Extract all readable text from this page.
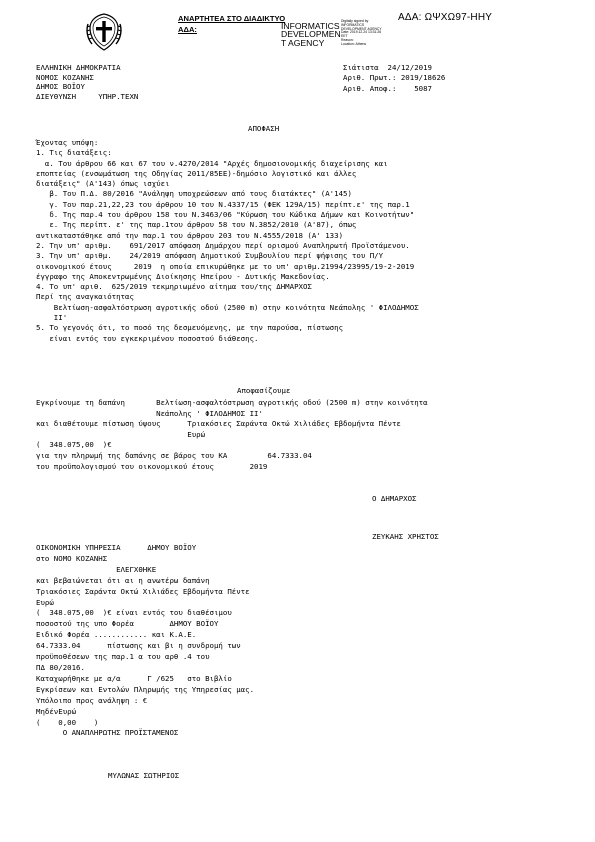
ΑΝΑΡΤΗΤΕΑ ΣΤΟ ΔΙΑΔΙΚΤΥΟ
ΑΔΑ:	INFORMATICS
DEVELOPMEN
T AGENCY
Digitally signed by
INFORMATICS
DEVELOPMENT AGENCY
Date: 2019.12.24 13:31:26
EET
Reason:
Location: Athens
ΑΔΑ: ΩΨΧΩ97-ΗΗΥ
ΕΛΛΗΝΙΚΗ ΔΗΜΟΚΡΑΤΙΑ
ΝΟΜΟΣ ΚΟΖΑΝΗΣ
ΔΗΜΟΣ ΒΟΪΟΥ
ΔΙΕΥΘΥΝΣΗ     ΥΠΗΡ.ΤΕΧΝ
Σιάτιστα  24/12/2019
Αριθ. Πρωτ.: 2019/18626
Αριθ. Αποφ.:    5087
ΑΠΟΦΑΣΗ
Έχοντας υπόψη:
1. Τις διατάξεις:
α. Του άρθρου 66 και 67 του ν.4270/2014 "Αρχές δημοσιονομικής διαχείρισης και
εποπτείας (ενσωμάτωση της Οδηγίας 2011/85ΕΕ)-δημόσιο λογιστικό και άλλες
διατάξεις" (Α'143) όπως ισχύει
β. Του Π.Δ. 80/2016 "Ανάληψη υποχρεώσεων από τους διατάκτες" (Α'145)
γ. Του παρ.21,22,23 του άρθρου 10 του Ν.4337/15 (ΦΕΚ 129Α/15) περίπτ.ε' της παρ.1
δ. Της παρ.4 του άρθρου 158 του Ν.3463/06 "Κύρωση του Κώδικα Δήμων και Κοινοτήτων"
ε. Της περίπτ. ε' της παρ.1του άρθρου 58 του Ν.3852/2010 (Α'87), όπως
αντικαταστάθηκε από την παρ.1 του άρθρου 203 του Ν.4555/2018 (Α' 133)
2. Την υπ' αριθμ.    691/2017 απόφαση Δημάρχου περί ορισμού Αναπληρωτή Προϊστάμενου.
3. Την υπ' αριθμ.    24/2019 απόφαση Δημοτικού Συμβουλίου περί ψήφισης του Π/Υ
οικονομικού έτους     2019  η οποία επικυρώθηκε με το υπ' αριθμ.21994/23995/19-2-2019
έγγραφο της Αποκεντρωμένης Διοίκησης Ηπείρου - Δυτικής Μακεδονίας.
4. Το υπ' αριθ.  625/2019 τεκμηριωμένο αίτημα του/της ΔΗΜΑΡΧΟΣ
Περί της αναγκαιότητας
Βελτίωση-ασφαλτόστρωση αγροτικής οδού (2500 m) στην κοινότητα Νεάπολης ' ΦΙΛΟΔΗΜΟΣ
ΙΙ'
5. Το γεγονός ότι, το ποσό της δεσμευόμενης, με την παρούσα, πίστωσης
είναι εντός του εγκεκριμένου ποσοστού διάθεσης.
Αποφασίζουμε
Εγκρίνουμε τη δαπάνη       Βελτίωση-ασφαλτόστρωση αγροτικής οδού (2500 m) στην κοινότητα
Νεάπολης ' ΦΙΛΟΔΗΜΟΣ ΙΙ'
και διαθέτουμε πίστωση ύψους      Τριακόσιες Σαράντα Οκτώ Χιλιάδες Εβδομήντα Πέντε
Ευρώ
(  348.075,00  )€
για την πληρωμή της δαπάνης σε βάρος του ΚΑ         64.7333.04
του προϋπολογισμού του οικονομικού έτους        2019
Ο ΔΗΜΑΡΧΟΣ
ΖΕΥΚΑΗΣ ΧΡΗΣΤΟΣ
ΟΙΚΟΝΟΜΙΚΗ ΥΠΗΡΕΣΙΑ      ΔΗΜΟΥ ΒΟΪΟΥ
στο ΝΟΜΟ ΚΟΖΑΝΗΣ
ΕΛΕΓΧΘΗΚΕ
και βεβαιώνεται ότι αι η ανωτέρω δαπάνη
Τριακόσιες Σαράντα Οκτώ Χιλιάδες Εβδομήντα Πέντε
Ευρώ
(  348.075,00  )€ είναι εντός του διαθέσιμου
ποσοστού της υπο Φορέα        ΔΗΜΟΥ ΒΟΪΟΥ
Ειδικό Φορέα ............ και Κ.Α.Ε.
64.7333.04      πίστωσης και βι η συνδρομή των
προϋποθέσεων της παρ.1 α του αρθ .4 του
ΠΔ 80/2016.
Καταχωρήθηκε με α/α      Γ /625   στο Βιβλίο
Εγκρίσεων και Εντολών Πληρωμής της Υπηρεσίας μας.
Υπόλοιπο προς ανάληψη : €
ΜηδένΕυρώ
(    0,00    )
Ο ΑΝΑΠΛΗΡΩΤΗΣ ΠΡΟΪΣΤΑΜΕΝΟΣ
ΜΥΛΩΝΑΣ ΣΩΤΗΡΙΟΣ
